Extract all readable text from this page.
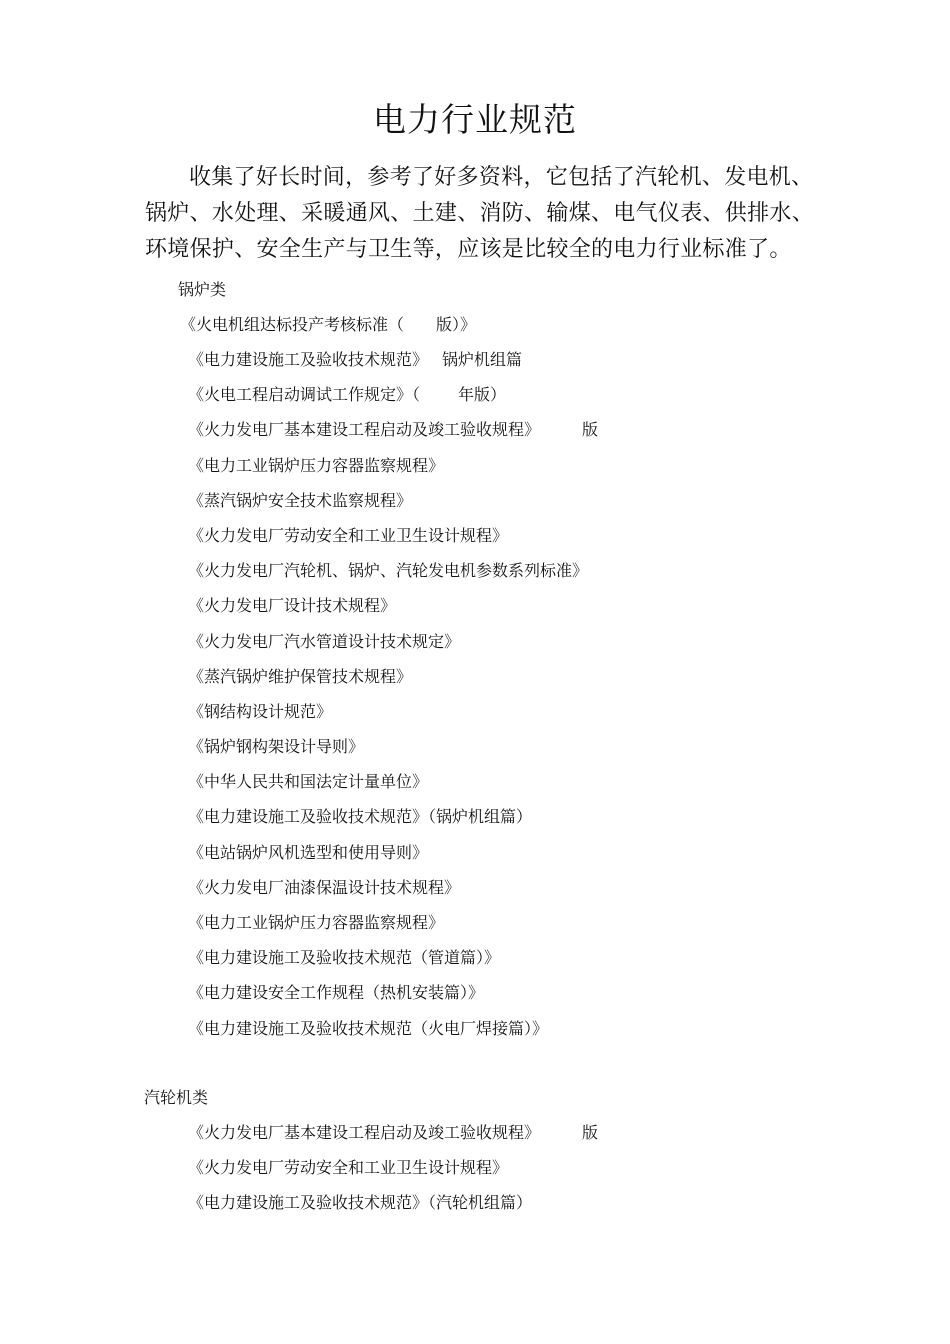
电力行业规范
收集了好长时间，参考了好多资料，它包括了汽轮机、发电机、
锅炉、水处理、采暖通风、土建、消防、输煤、电气仪表、供排水、
环境保护、安全生产与卫生等，应该是比较全的电力行业标准了。
锅炉类
《火电机组达标投产考核标准（　　版）》
《电力建设施工及验收技术规范》 锅炉机组篇
《火电工程启动调试工作规定》（ 年版）
《火力发电厂基本建设工程启动及竣工验收规程》	版
《电力工业锅炉压力容器监察规程》
《蒸汽锅炉安全技术监察规程》
《火力发电厂劳动安全和工业卫生设计规程》
《火力发电厂汽轮机、锅炉、汽轮发电机参数系列标准》
《火力发电厂设计技术规程》
《火力发电厂汽水管道设计技术规定》
《蒸汽锅炉维护保管技术规程》
《钢结构设计规范》
《锅炉钢构架设计导则》
《中华人民共和国法定计量单位》
《电力建设施工及验收技术规范》（锅炉机组篇）
《电站锅炉风机选型和使用导则》
《火力发电厂油漆保温设计技术规程》
《电力工业锅炉压力容器监察规程》
《电力建设施工及验收技术规范（管道篇）》
《电力建设安全工作规程（热机安装篇）》
《电力建设施工及验收技术规范（火电厂焊接篇）》
汽轮机类
《火力发电厂基本建设工程启动及竣工验收规程》	版
《火力发电厂劳动安全和工业卫生设计规程》
《电力建设施工及验收技术规范》（汽轮机组篇）
